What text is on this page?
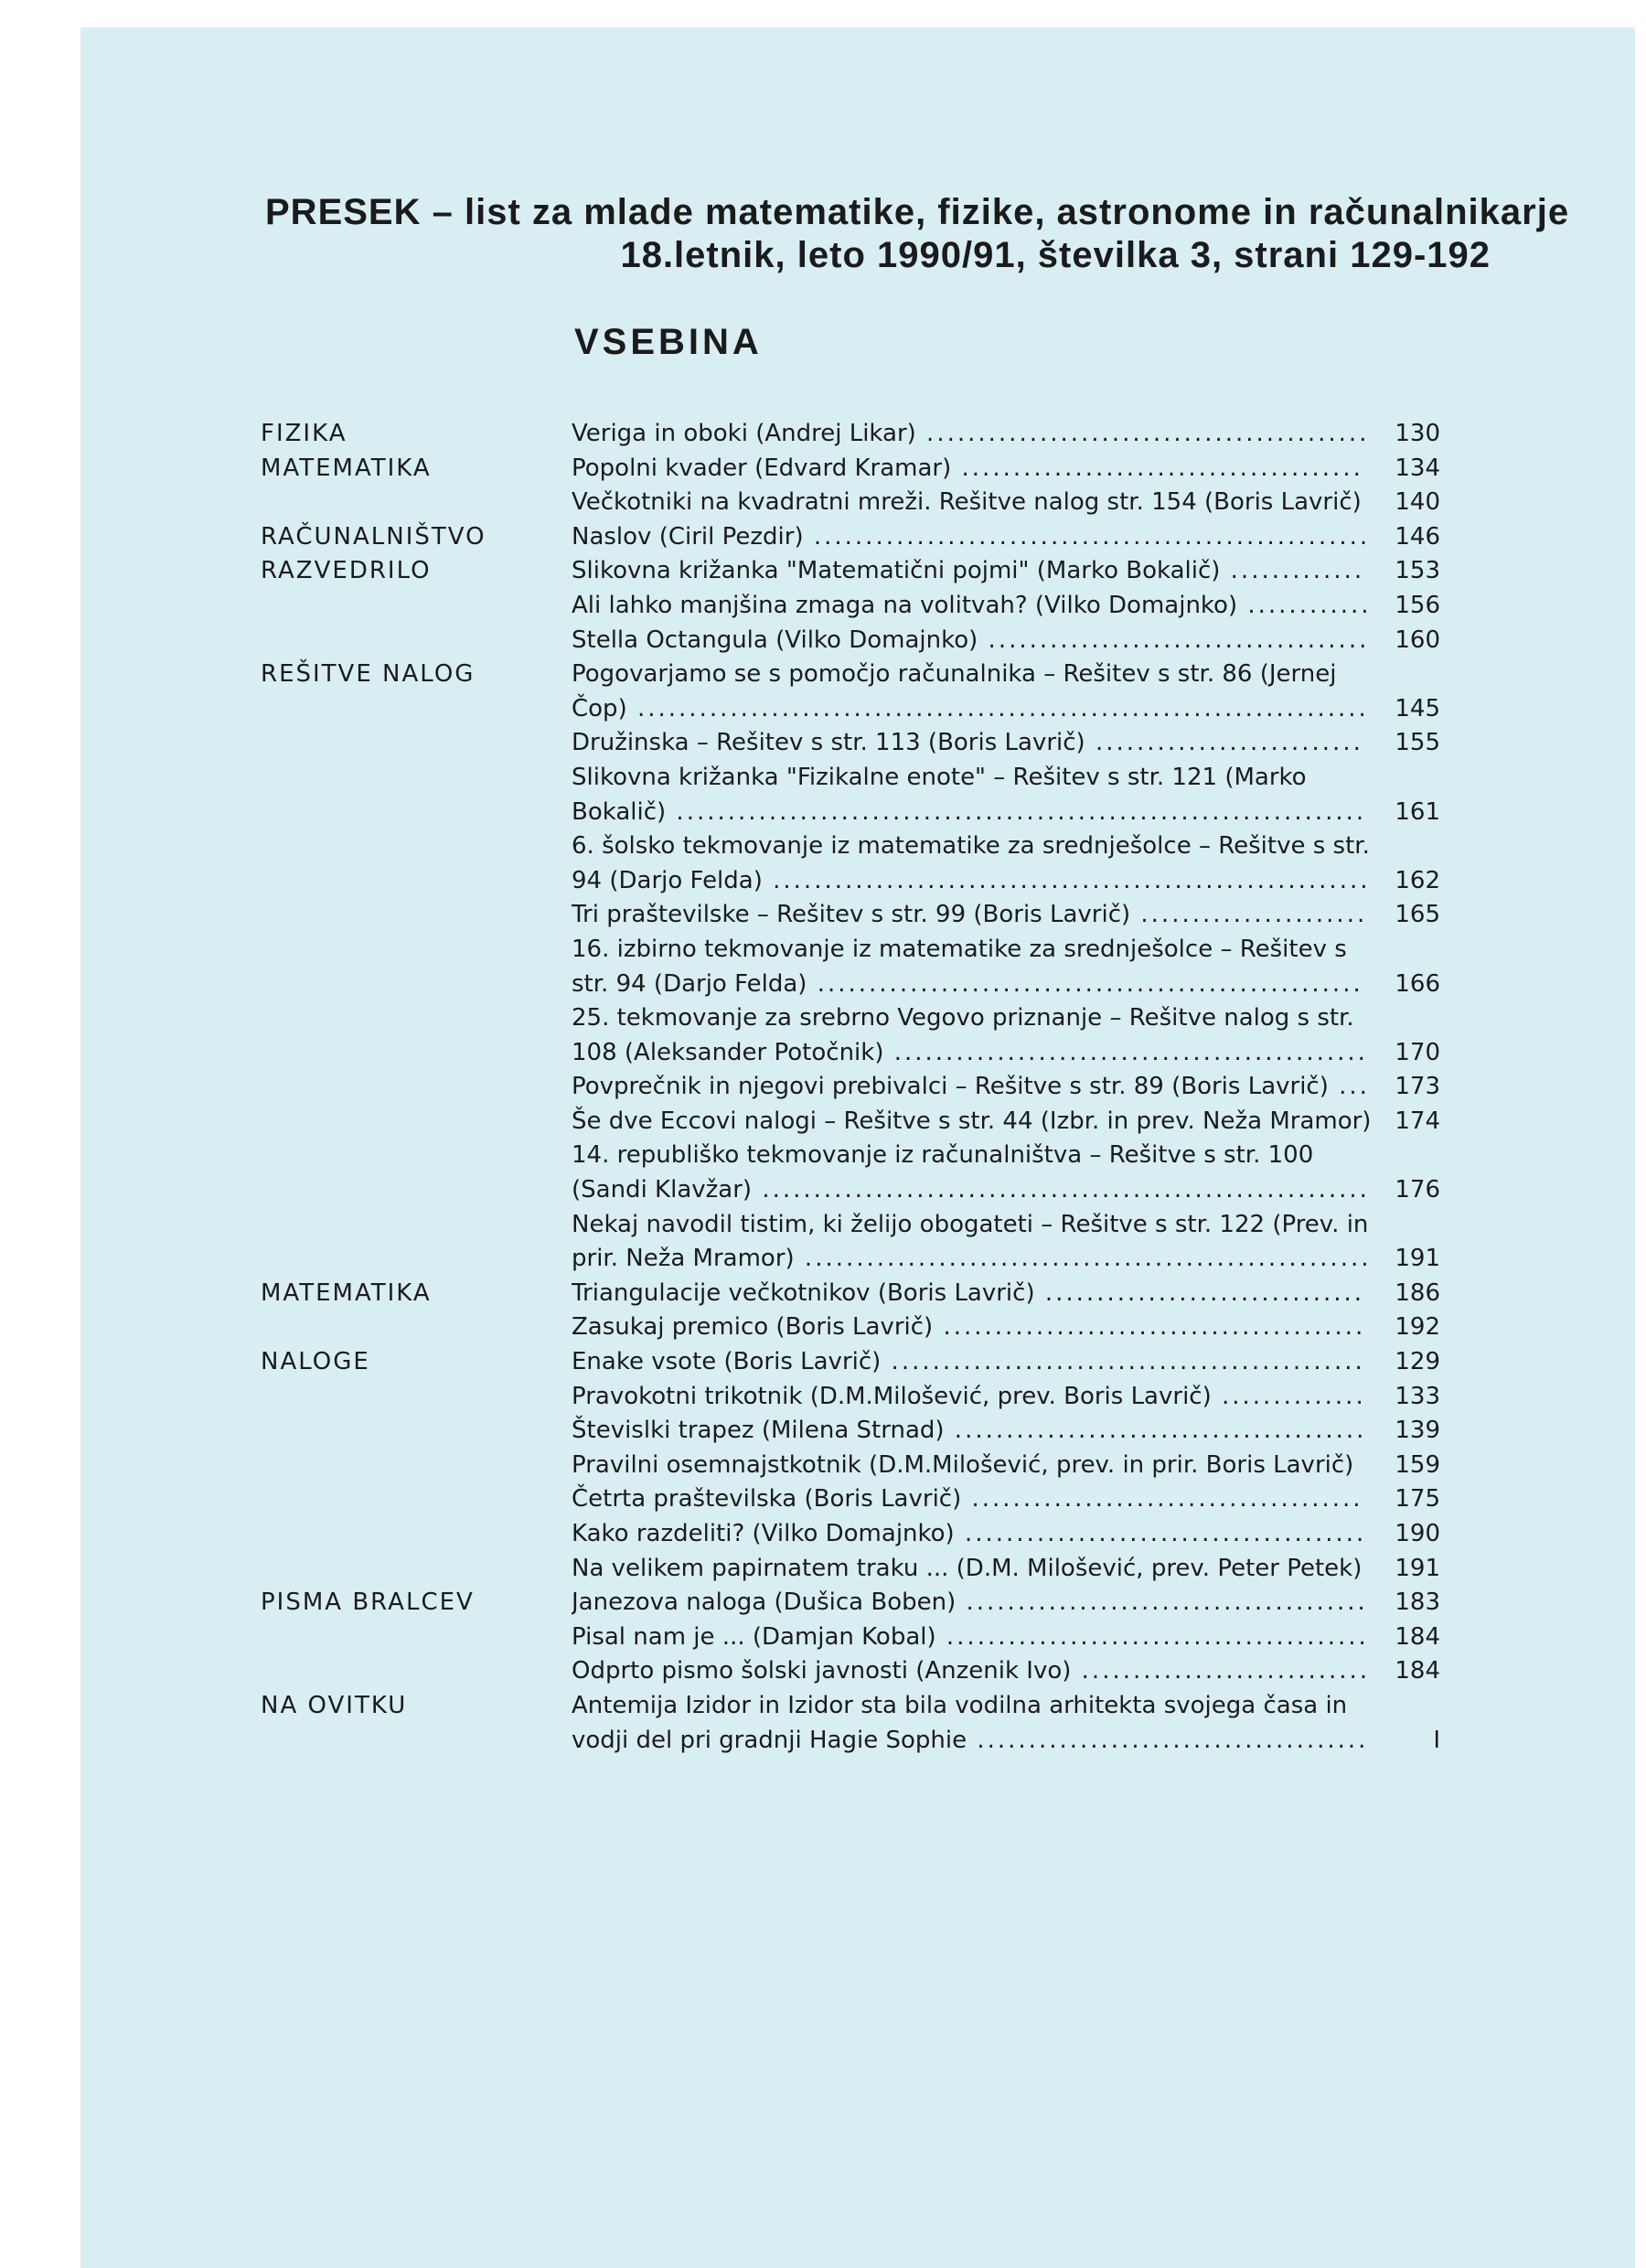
PRESEK – list za mlade matematike, fizike, astronome in računalnikarje
18.letnik, leto 1990/91, številka 3, strani 129-192
VSEBINA
FIZIKA	Veriga in oboki (Andrej Likar) ...........................................	130
MATEMATIKA	Popolni kvader (Edvard Kramar) .......................................	134
Večkotniki na kvadratni mreži. Rešitve nalog str. 154 (Boris Lavrič)	140
RAČUNALNIŠTVO	Naslov (Ciril Pezdir) ......................................................	146
RAZVEDRILO	Slikovna križanka "Matematični pojmi" (Marko Bokalič) .............	153
Ali lahko manjšina zmaga na volitvah? (Vilko Domajnko) ............ 156
Stella Octangula (Vilko Domajnko) .....................................	160
REŠITVE NALOG	Pogovarjamo se s pomočjo računalnika – Rešitev s str. 86 (Jernej Čop) .......................................................................	145
Družinska – Rešitev s str. 113 (Boris Lavrič) ..........................	155
Slikovna križanka "Fizikalne enote" – Rešitev s str. 121 (Marko Bokalič) ...................................................................	161
6. šolsko tekmovanje iz matematike za srednješolce – Rešitve s str. 94 (Darjo Felda) ..........................................................	162
Tri praštevilske – Rešitev s str. 99 (Boris Lavrič) ......................	165
16. izbirno tekmovanje iz matematike za srednješolce – Rešitev s str. 94 (Darjo Felda) .....................................................	166
25. tekmovanje za srebrno Vegovo priznanje – Rešitve nalog s str. 108 (Aleksander Potočnik) ..............................................	170
Povprečnik in njegovi prebivalci – Rešitve s str. 89 (Boris Lavrič) ...	173
Še dve Eccovi nalogi – Rešitve s str. 44 (Izbr. in prev. Neža Mramor) 174
14. republiško tekmovanje iz računalništva – Rešitve s str. 100 (Sandi Klavžar) ...........................................................	176
Nekaj navodil tistim, ki želijo obogateti – Rešitve s str. 122 (Prev. in prir. Neža Mramor) ....................................................... 191
MATEMATIKA	Triangulacije večkotnikov (Boris Lavrič) ...............................	186
Zasukaj premico (Boris Lavrič) .........................................	192
NALOGE	Enake vsote (Boris Lavrič) ..............................................	129
Pravokotni trikotnik (D.M.Milošević, prev. Boris Lavrič) ..............	133
Števislki trapez (Milena Strnad) ........................................	139
Pravilni osemnajstkotnik (D.M.Milošević, prev. in prir. Boris Lavrič)	159
Četrta praštevilska (Boris Lavrič) ......................................	175
Kako razdeliti? (Vilko Domajnko) .......................................	190
Na velikem papirnatem traku ... (D.M. Milošević, prev. Peter Petek)	191
PISMA BRALCEV	Janezova naloga (Dušica Boben) .......................................	183
Pisal nam je ... (Damjan Kobal) .........................................	184
Odprto pismo šolski javnosti (Anzenik Ivo) ............................	184
NA OVITKU	Antemija Izidor in Izidor sta bila vodilna arhitekta svojega časa in vodji del pri gradnji Hagie Sophie ......................................	I
